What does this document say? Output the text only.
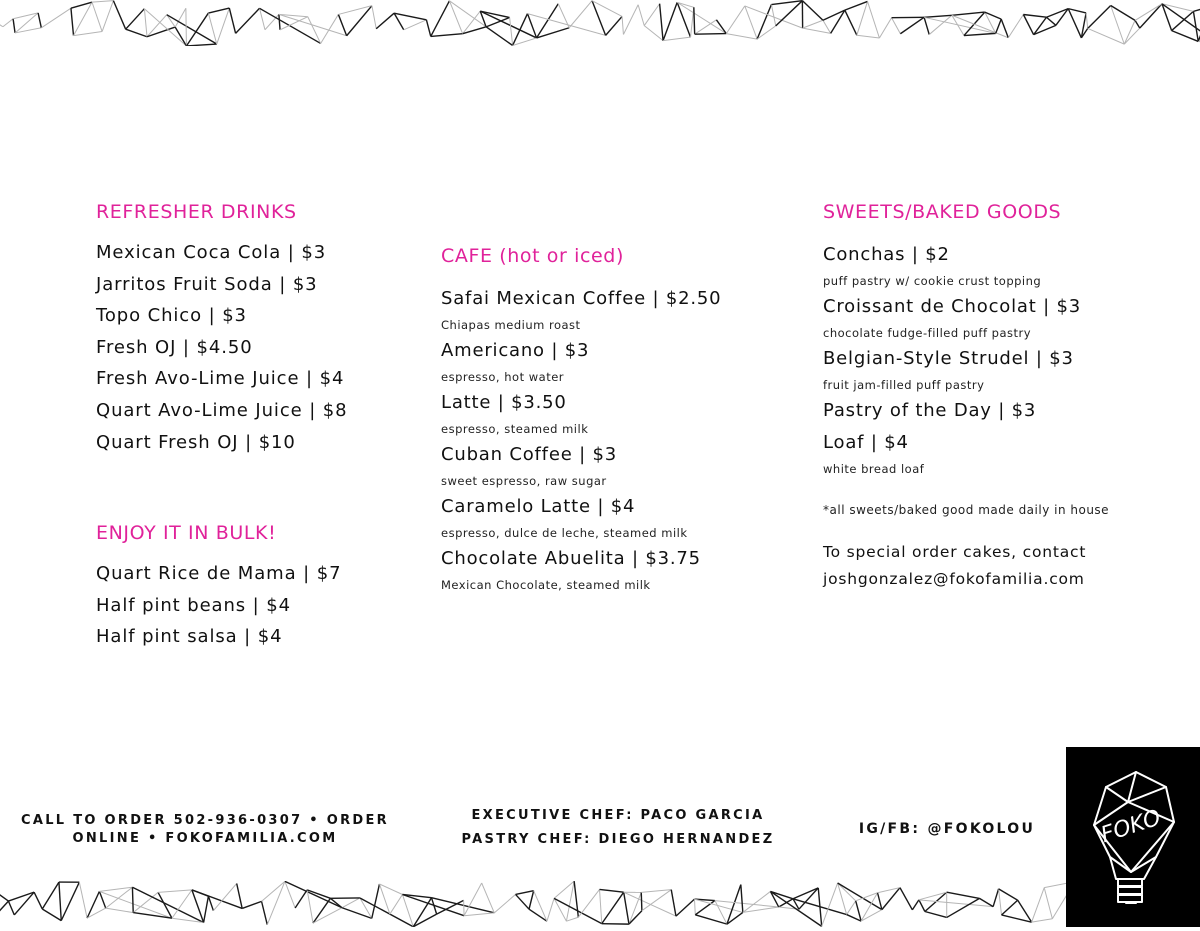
REFRESHER DRINKS
Mexican Coca Cola | $3
Jarritos Fruit Soda | $3
Topo Chico | $3
Fresh OJ | $4.50
Fresh Avo-Lime Juice | $4
Quart Avo-Lime Juice | $8
Quart Fresh OJ | $10
ENJOY IT IN BULK!
Quart Rice de Mama | $7
Half pint beans | $4
Half pint salsa | $4
CAFE (hot or iced)
Safai Mexican Coffee | $2.50
Chiapas medium roast
Americano | $3
espresso, hot water
Latte | $3.50
espresso, steamed milk
Cuban Coffee | $3
sweet espresso, raw sugar
Caramelo Latte | $4
espresso, dulce de leche, steamed milk
Chocolate Abuelita | $3.75
Mexican Chocolate, steamed milk
SWEETS/BAKED GOODS
Conchas | $2
puff pastry w/ cookie crust topping
Croissant de Chocolat | $3
chocolate fudge-filled puff pastry
Belgian-Style Strudel | $3
fruit jam-filled puff pastry
Pastry of the Day | $3
Loaf | $4
white bread loaf
*all sweets/baked good made daily in house
To special order cakes, contact
joshgonzalez@fokofamilia.com
CALL TO ORDER 502-936-0307 • ORDER
ONLINE • FOKOFAMILIA.COM
EXECUTIVE CHEF: PACO GARCIA
PASTRY CHEF: DIEGO HERNANDEZ
IG/FB: @FOKOLOU	FOKO
